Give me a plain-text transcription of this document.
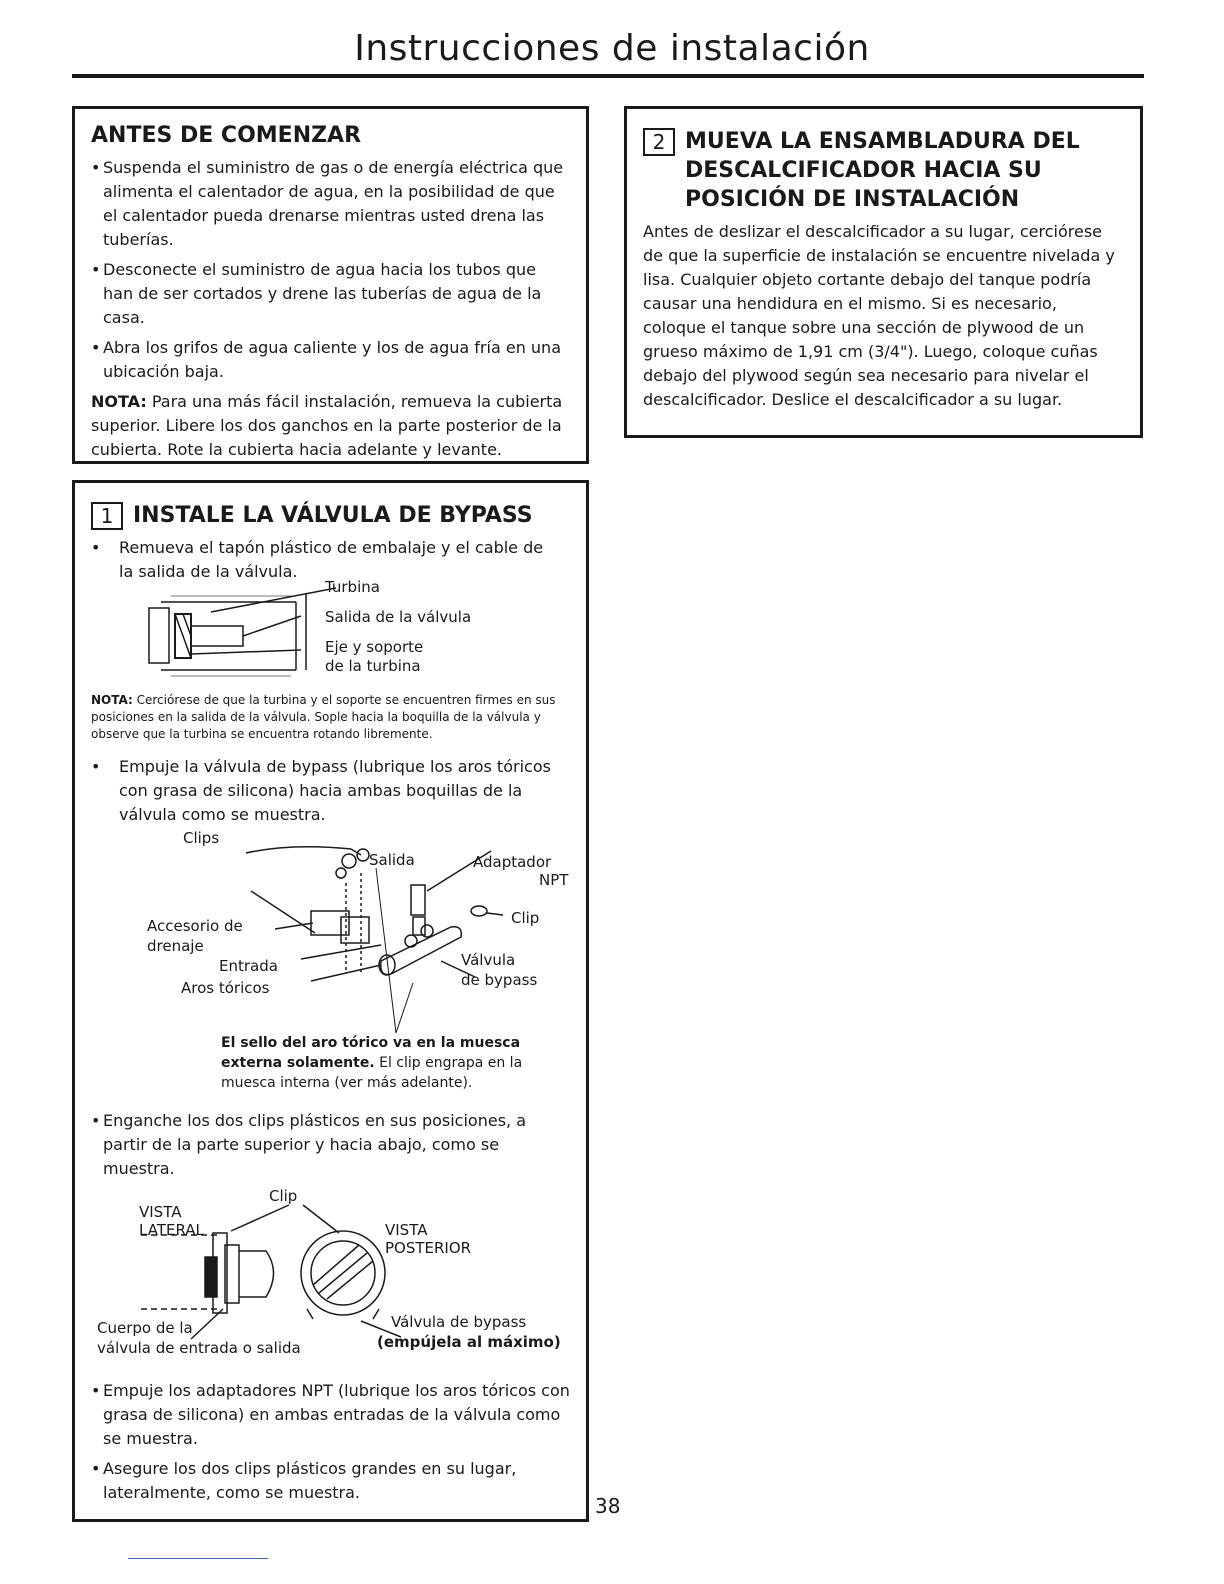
Instrucciones de instalación
ANTES DE COMENZAR
• Suspenda el suministro de gas o de energía eléctrica que alimenta el calentador de agua, en la posibilidad de que el calentador pueda drenarse mientras usted drena las tuberías.
• Desconecte el suministro de agua hacia los tubos que han de ser cortados y drene las tuberías de agua de la casa.
• Abra los grifos de agua caliente y los de agua fría en una ubicación baja.

NOTA: Para una más fácil instalación, remueva la cubierta superior. Libere los dos ganchos en la parte posterior de la cubierta. Rote la cubierta hacia adelante y levante.

1 INSTALE LA VÁLVULA DE BYPASS
• Remueva el tapón plástico de embalaje y el cable de la salida de la válvula.
Turbina
Salida de la válvula
Eje y soporte
de la turbina

NOTA: Cerciórese de que la turbina y el soporte se encuentren firmes en sus posiciones en la salida de la válvula. Sople hacia la boquilla de la válvula y observe que la turbina se encuentra rotando libremente.

• Empuje la válvula de bypass (lubrique los aros tóricos con grasa de silicona) hacia ambas boquillas de la válvula como se muestra.
Clips
Salida	Adaptador
NPT
Clip
Accesorio de
drenaje
Entrada	Válvula
de bypass
Aros tóricos

El sello del aro tórico va en la muesca externa solamente. El clip engrapa en la muesca interna (ver más adelante).

• Enganche los dos clips plásticos en sus posiciones, a partir de la parte superior y hacia abajo, como se muestra.
Clip
VISTA
LATERAL	VISTA
POSTERIOR
Cuerpo de la
válvula de entrada o salida
Válvula de bypass
(empújela al máximo)
• Empuje los adaptadores NPT (lubrique los aros tóricos con grasa de silicona) en ambas entradas de la válvula como se muestra.
• Asegure los dos clips plásticos grandes en su lugar, lateralmente, como se muestra.
2 MUEVA LA ENSAMBLADURA DEL DESCALCIFICADOR HACIA SU POSICIÓN DE INSTALACIÓN

Antes de deslizar el descalcificador a su lugar, cerciórese de que la superficie de instalación se encuentre nivelada y lisa. Cualquier objeto cortante debajo del tanque podría causar una hendidura en el mismo. Si es necesario, coloque el tanque sobre una sección de plywood de un grueso máximo de 1,91 cm (3/4"). Luego, coloque cuñas debajo del plywood según sea necesario para nivelar el descalcificador. Deslice el descalcificador a su lugar.

38
